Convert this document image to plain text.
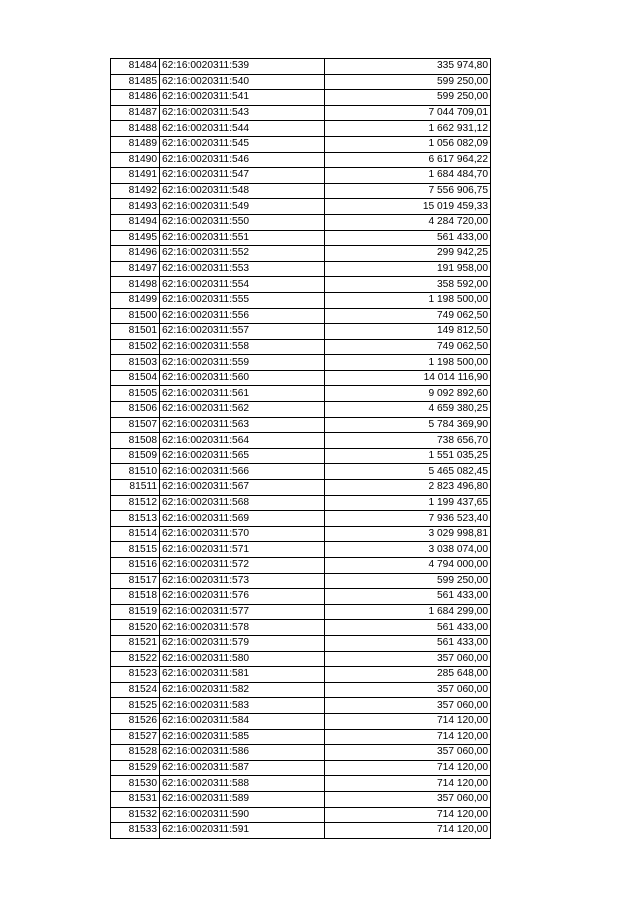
81484	62:16:0020311:539	335 974,80
81485	62:16:0020311:540	599 250,00
81486	62:16:0020311:541	599 250,00
81487	62:16:0020311:543	7 044 709,01
81488	62:16:0020311:544	1 662 931,12
81489	62:16:0020311:545	1 056 082,09
81490	62:16:0020311:546	6 617 964,22
81491	62:16:0020311:547	1 684 484,70
81492	62:16:0020311:548	7 556 906,75
81493	62:16:0020311:549	15 019 459,33
81494	62:16:0020311:550	4 284 720,00
81495	62:16:0020311:551	561 433,00
81496	62:16:0020311:552	299 942,25
81497	62:16:0020311:553	191 958,00
81498	62:16:0020311:554	358 592,00
81499	62:16:0020311:555	1 198 500,00
81500	62:16:0020311:556	749 062,50
81501	62:16:0020311:557	149 812,50
81502	62:16:0020311:558	749 062,50
81503	62:16:0020311:559	1 198 500,00
81504	62:16:0020311:560	14 014 116,90
81505	62:16:0020311:561	9 092 892,60
81506	62:16:0020311:562	4 659 380,25
81507	62:16:0020311:563	5 784 369,90
81508	62:16:0020311:564	738 656,70
81509	62:16:0020311:565	1 551 035,25
81510	62:16:0020311:566	5 465 082,45
81511	62:16:0020311:567	2 823 496,80
81512	62:16:0020311:568	1 199 437,65
81513	62:16:0020311:569	7 936 523,40
81514	62:16:0020311:570	3 029 998,81
81515	62:16:0020311:571	3 038 074,00
81516	62:16:0020311:572	4 794 000,00
81517	62:16:0020311:573	599 250,00
81518	62:16:0020311:576	561 433,00
81519	62:16:0020311:577	1 684 299,00
81520	62:16:0020311:578	561 433,00
81521	62:16:0020311:579	561 433,00
81522	62:16:0020311:580	357 060,00
81523	62:16:0020311:581	285 648,00
81524	62:16:0020311:582	357 060,00
81525	62:16:0020311:583	357 060,00
81526	62:16:0020311:584	714 120,00
81527	62:16:0020311:585	714 120,00
81528	62:16:0020311:586	357 060,00
81529	62:16:0020311:587	714 120,00
81530	62:16:0020311:588	714 120,00
81531	62:16:0020311:589	357 060,00
81532	62:16:0020311:590	714 120,00
81533	62:16:0020311:591	714 120,00
